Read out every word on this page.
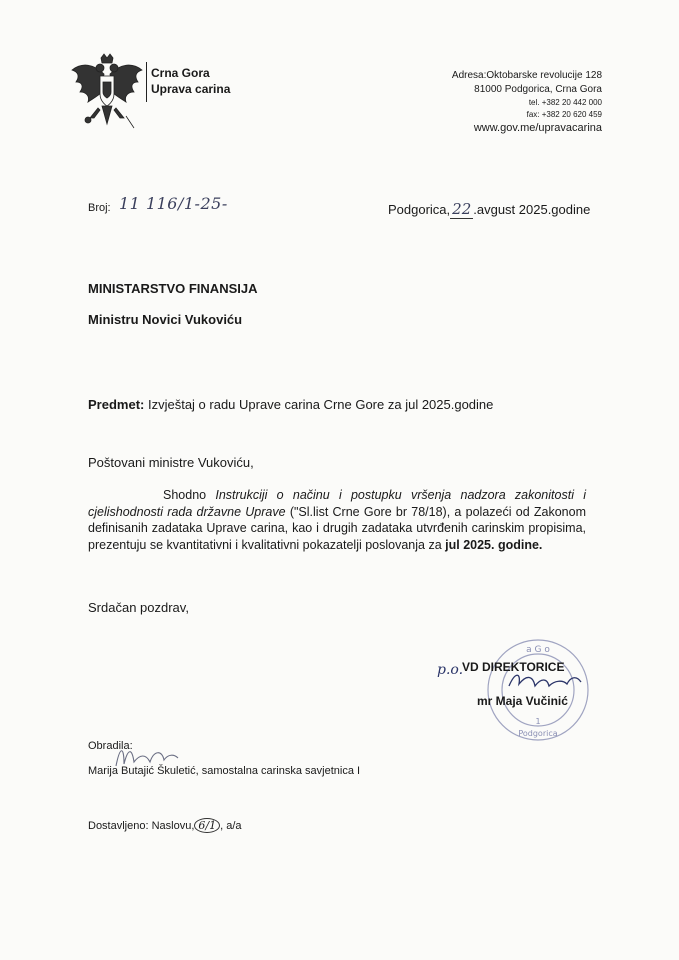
Crna Gora
Uprava carina
Adresa:Oktobarske revolucije 128
81000 Podgorica, Crna Gora
tel. +382 20 442 000
fax: +382 20 620 459
www.gov.me/upravacarina
Broj: 11 116/1-25-	Podgorica, 22 .avgust 2025.godine
MINISTARSTVO FINANSIJA
Ministru Novici Vukoviću
Predmet: Izvještaj o radu Uprave carina Crne Gore za jul 2025.godine
Poštovani ministre Vukoviću,
Shodno Instrukciji o načinu i postupku vršenja nadzora zakonitosti i cjelishodnosti rada državne Uprave ("Sl.list Crne Gore br 78/18), a polazeći od Zakonom definisanih zadataka Uprave carina, kao i drugih zadataka utvrđenih carinskim propisima, prezentuju se kvantitativni i kvalitativni pokazatelji poslovanja za jul 2025. godine.
Srdačan pozdrav,
a G o
Podgorica
1
p.o.
VD DIREKTORICE
mr Maja Vučinić
Obradila:
Marija Butajić Škuletić, samostalna carinska savjetnica I
Dostavljeno: Naslovu, 6/1 , a/a
